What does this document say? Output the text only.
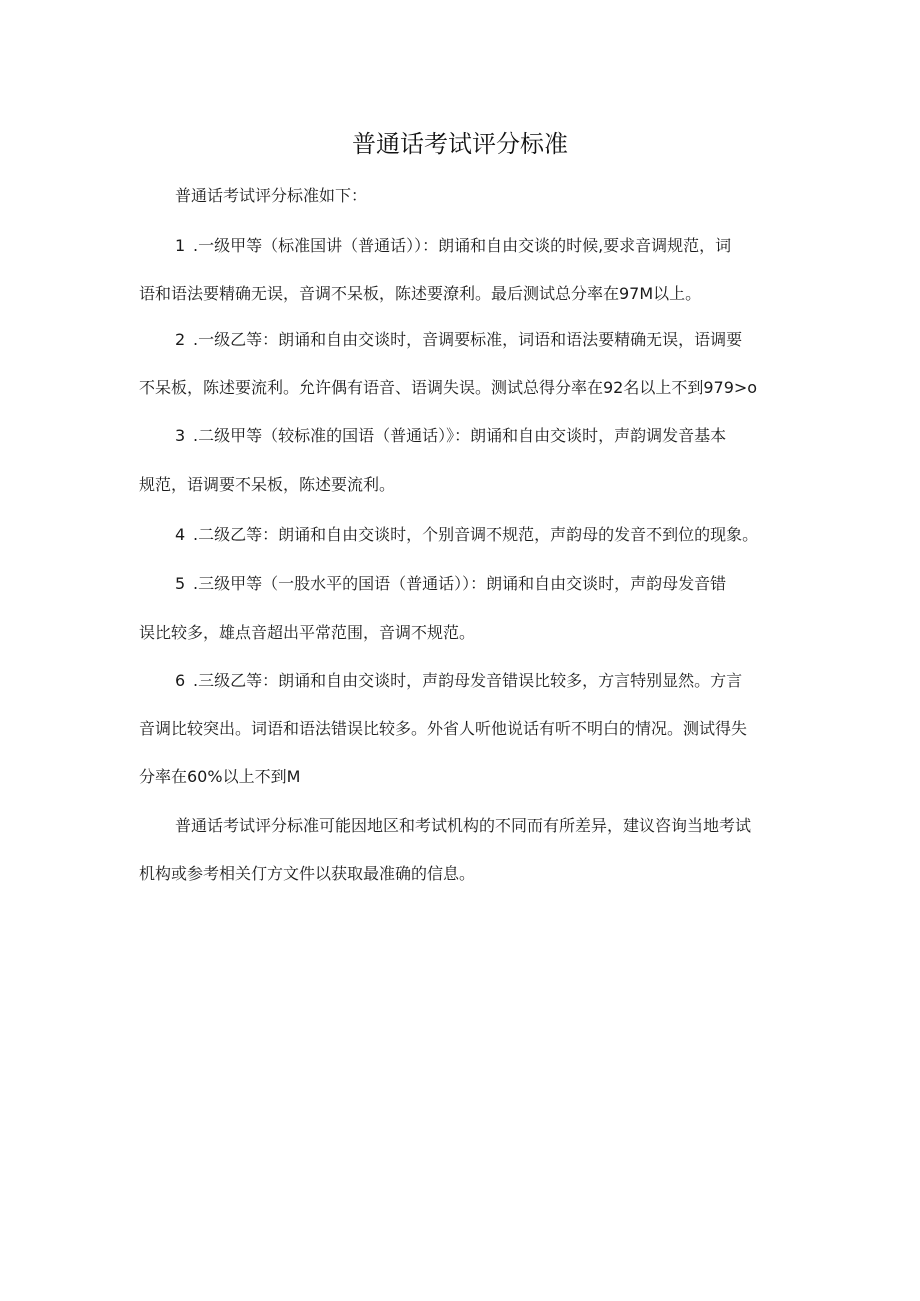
普通话考试评分标准
普通话考试评分标准如下：
1 .一级甲等（标准国讲（普通话））：朗诵和自由交谈的时候,要求音调规范，词
语和语法要精确无误，音调不呆板，陈述要潦利。最后测试总分率在97M以上。
2 .一级乙等：朗诵和自由交谈时，音调要标准，词语和语法要精确无误，语调要
不呆板，陈述要流利。允许偶有语音、语调失误。测试总得分率在92名以上不到979>o
3 .二级甲等（较标准的国语（普通话）》：朗诵和自由交谈时，声韵调发音基本
规范，语调要不呆板，陈述要流利。
4 .二级乙等：朗诵和自由交谈时，个别音调不规范，声韵母的发音不到位的现象。
5 .三级甲等（一股水平的国语（普通话））：朗诵和自由交谈时，声韵母发音错
误比较多，雄点音超出平常范围，音调不规范。
6 .三级乙等：朗诵和自由交谈时，声韵母发音错误比较多，方言特别显然。方言
音调比较突出。词语和语法错误比较多。外省人听他说话有听不明白的情况。测试得失
分率在60%以上不到M
普通话考试评分标准可能因地区和考试机构的不同而有所差异，建议咨询当地考试
机构或参考相关仃方文件以获取最准确的信息。
